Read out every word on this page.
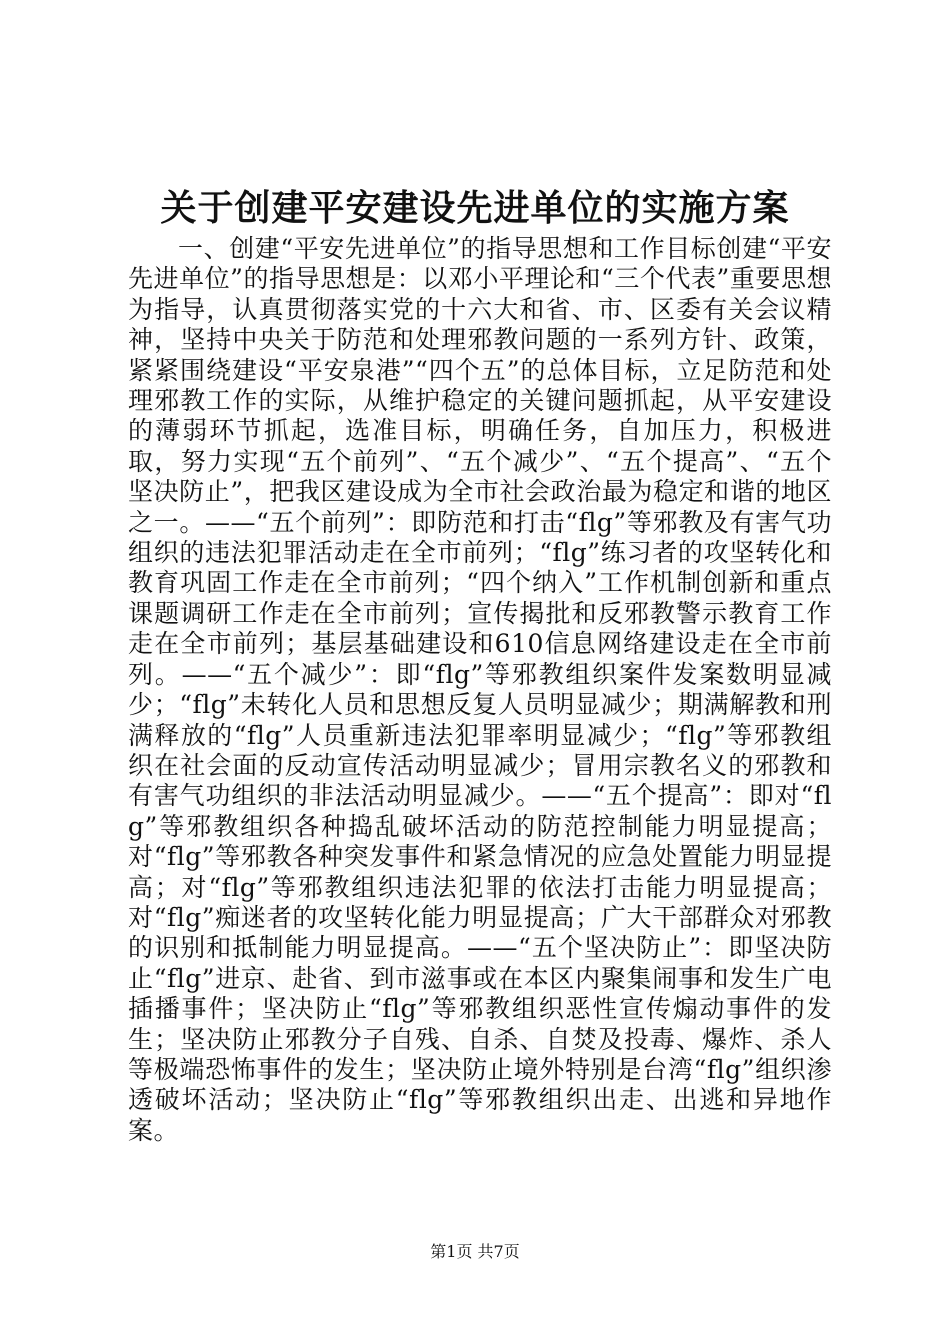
关于创建平安建设先进单位的实施方案

一、创建“平安先进单位”的指导思想和工作目标创建“平安先进单位”的指导思想是：以邓小平理论和“三个代表”重要思想为指导，认真贯彻落实党的十六大和省、市、区委有关会议精神，坚持中央关于防范和处理邪教问题的一系列方针、政策，紧紧围绕建设“平安泉港”“四个五”的总体目标，立足防范和处理邪教工作的实际，从维护稳定的关键问题抓起，从平安建设的薄弱环节抓起，选准目标，明确任务，自加压力，积极进取，努力实现“五个前列”、“五个减少”、“五个提高”、“五个坚决防止”，把我区建设成为全市社会政治最为稳定和谐的地区之一。——“五个前列”：即防范和打击“flg”等邪教及有害气功组织的违法犯罪活动走在全市前列；“flg”练习者的攻坚转化和教育巩固工作走在全市前列；“四个纳入”工作机制创新和重点课题调研工作走在全市前列；宣传揭批和反邪教警示教育工作走在全市前列；基层基础建设和610信息网络建设走在全市前列。——“五个减少”：即“flg”等邪教组织案件发案数明显减少；“flg”未转化人员和思想反复人员明显减少；期满解教和刑满释放的“flg”人员重新违法犯罪率明显减少；“flg”等邪教组织在社会面的反动宣传活动明显减少；冒用宗教名义的邪教和有害气功组织的非法活动明显减少。——“五个提高”：即对“flg”等邪教组织各种捣乱破坏活动的防范控制能力明显提高；对“flg”等邪教各种突发事件和紧急情况的应急处置能力明显提高；对“flg”等邪教组织违法犯罪的依法打击能力明显提高；对“flg”痴迷者的攻坚转化能力明显提高；广大干部群众对邪教的识别和抵制能力明显提高。——“五个坚决防止”：即坚决防止“flg”进京、赴省、到市滋事或在本区内聚集闹事和发生广电插播事件；坚决防止“flg”等邪教组织恶性宣传煽动事件的发生；坚决防止邪教分子自残、自杀、自焚及投毒、爆炸、杀人等极端恐怖事件的发生；坚决防止境外特别是台湾“flg”组织渗透破坏活动；坚决防止“flg”等邪教组织出走、出逃和异地作案。

第1页 共7页
